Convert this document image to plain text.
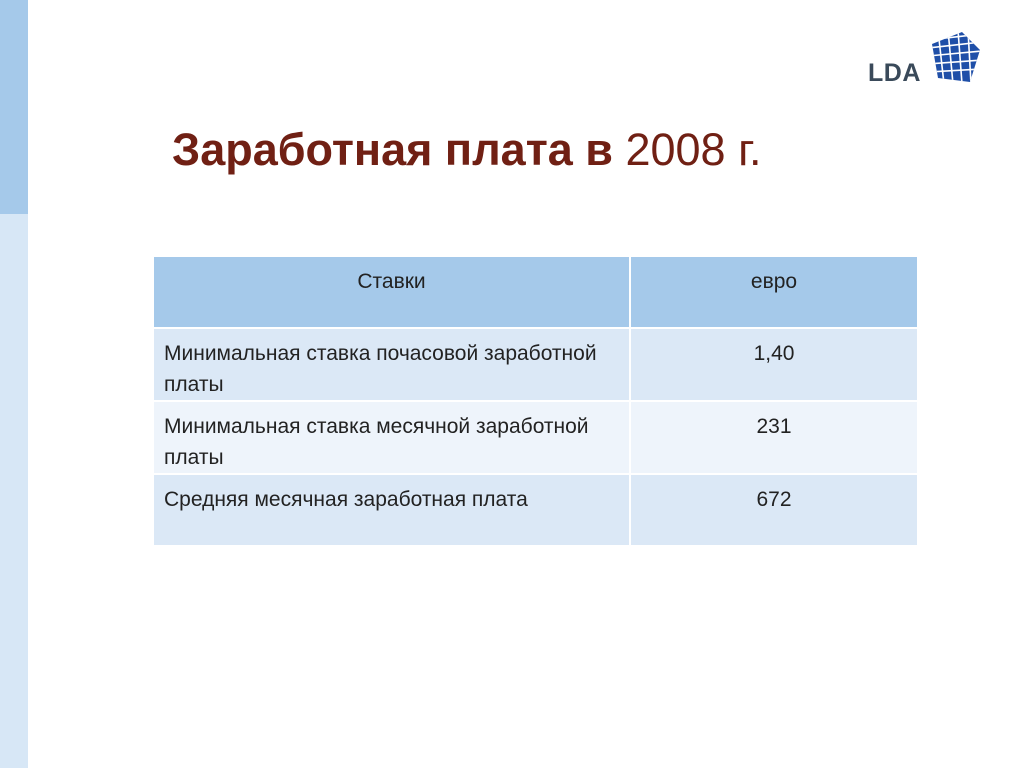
LDA
Заработная плата в 2008 г.
Ставки	евро
Минимальная ставка почасовой заработной платы	1,40
Минимальная ставка месячной заработной платы	231
Средняя месячная заработная плата	672
